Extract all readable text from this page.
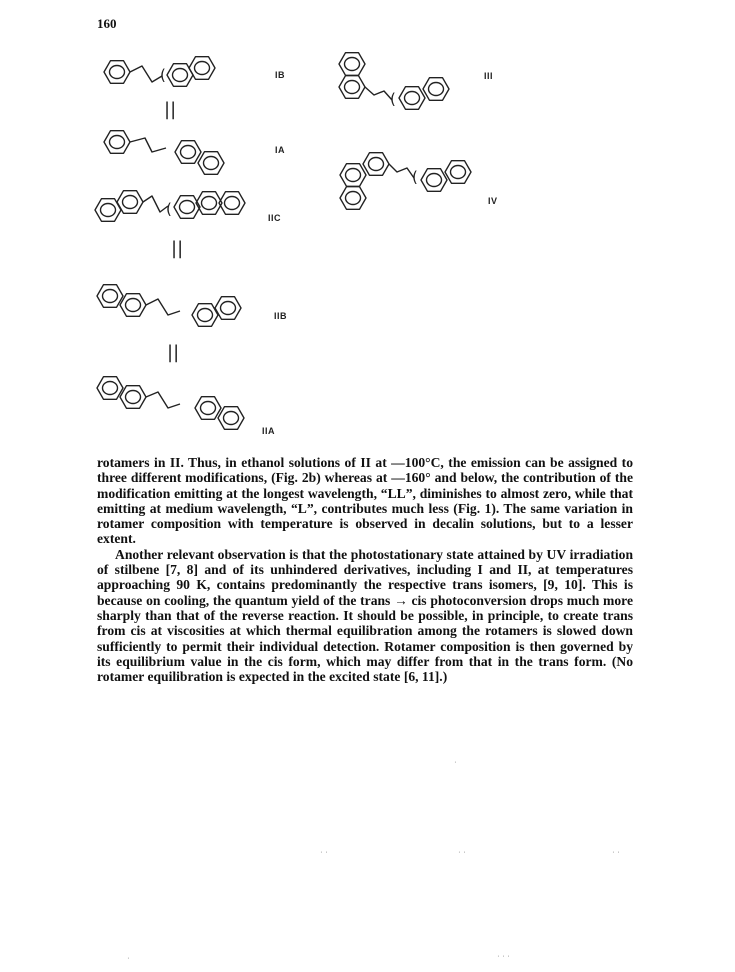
160
(
(
(
(
IB
IA
IIC
IIB
IIA
III
IV
||
||
||

rotamers in II. Thus, in ethanol solutions of II at —100°C, the emission can be assigned to three different modifications, (Fig. 2b) whereas at —160° and below, the contribution of the modification emitting at the longest wavelength, “LL”, diminishes to almost zero, while that emitting at medium wavelength, “L”, contributes much less (Fig. 1). The same variation in rotamer composition with temperature is observed in decalin solutions, but to a lesser extent.

Another relevant observation is that the photostationary state attained by UV irradiation of stilbene [7, 8] and of its unhindered derivatives, including I and II, at temperatures approaching 90 K, contains predominantly the respective trans isomers, [9, 10]. This is because on cooling, the quantum yield of the trans → cis photoconversion drops much more sharply than that of the reverse reaction. It should be possible, in principle, to create trans from cis at viscosities at which thermal equilibration among the rotamers is slowed down sufficiently to permit their individual detection. Rotamer composition is then governed by its equilibrium value in the cis form, which may differ from that in the trans form. (No rotamer equilibration is expected in the excited state [6, 11].)

⋅
⋅ ⋅	⋅ ⋅	⋅ ⋅
⋅	⋅ ⋅ ⋅
